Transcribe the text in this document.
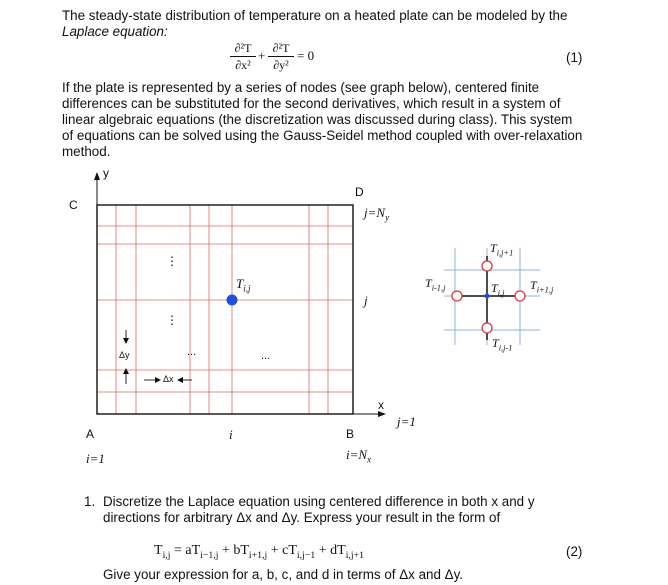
The steady-state distribution of temperature on a heated plate can be modeled by the
Laplace equation:
∂²T
∂x²
+ ∂²T
∂y²
= 0	(1)
If the plate is represented by a series of nodes (see graph below), centered finite
differences can be substituted for the second derivatives, which result in a system of
linear algebraic equations (the discretization was discussed during class). This system
of equations can be solved using the Gauss-Seidel method coupled with over-relaxation
method.
y
C
D
A	B
x
$j=N_y$
j
j=1
i=1
i
$i=N_x$
$T_{i,j}$
⋮
⋮
...	...
Δy
Δx
$T_{i,j+1}$
$T_{i-1,j}$	$T_{i,j}$
$T_{i+1,j}$
$T_{i,j-1}$
1. Discretize the Laplace equation using centered difference in both x and y
directions for arbitrary Δx and Δy. Express your result in the form of
$T_{i,j} = aT_{i-1,j} + bT_{i+1,j} + cT_{i,j-1} + dT_{i,j+1}$	(2)
Give your expression for a, b, c, and d in terms of Δx and Δy.
